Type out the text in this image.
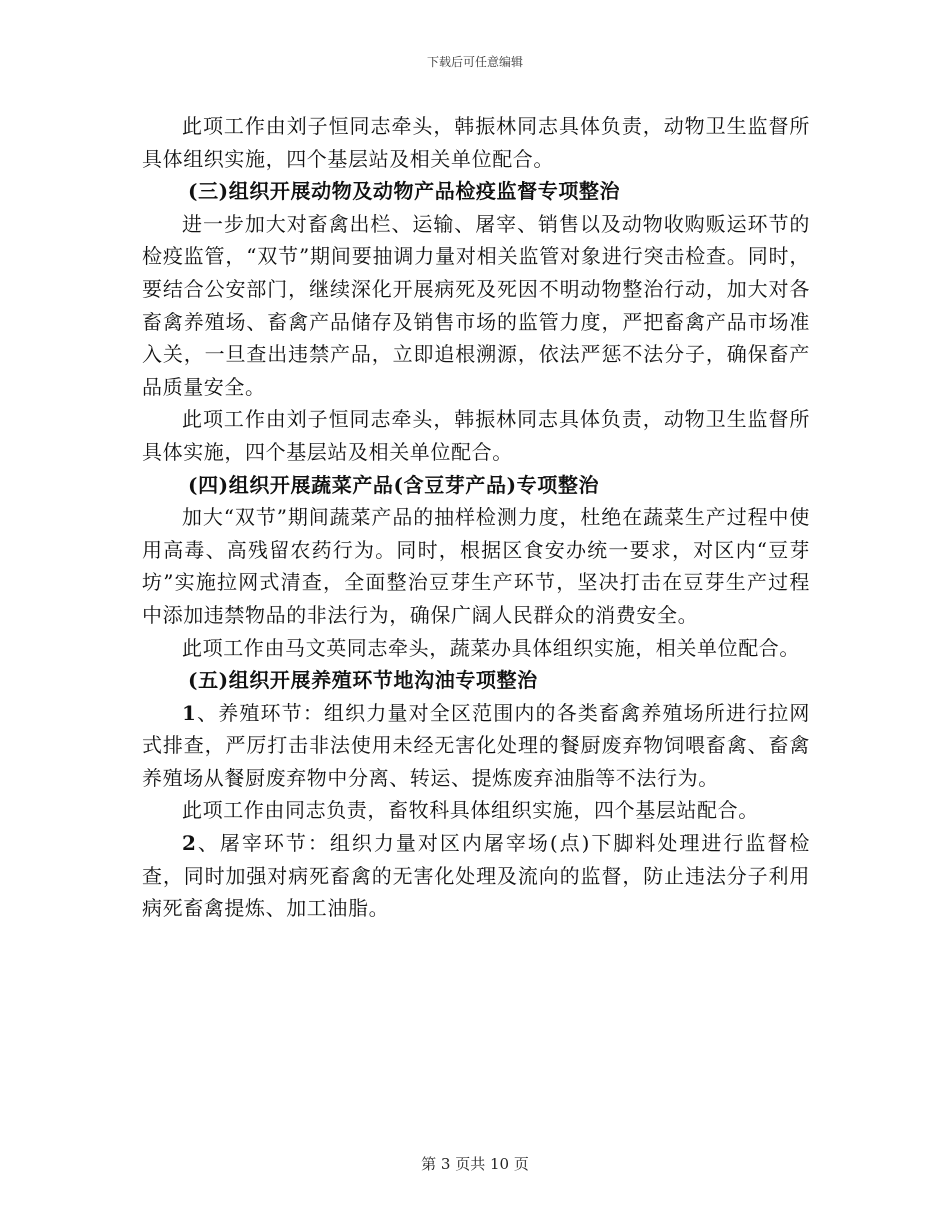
下载后可任意编辑

此项工作由刘子恒同志牵头，韩振林同志具体负责，动物卫生监督所具体组织实施，四个基层站及相关单位配合。

(三)组织开展动物及动物产品检疫监督专项整治

进一步加大对畜禽出栏、运输、屠宰、销售以及动物收购贩运环节的检疫监管，“双节”期间要抽调力量对相关监管对象进行突击检查。同时，要结合公安部门，继续深化开展病死及死因不明动物整治行动，加大对各畜禽养殖场、畜禽产品储存及销售市场的监管力度，严把畜禽产品市场准入关，一旦查出违禁产品，立即追根溯源，依法严惩不法分子，确保畜产品质量安全。

此项工作由刘子恒同志牵头，韩振林同志具体负责，动物卫生监督所具体实施，四个基层站及相关单位配合。

(四)组织开展蔬菜产品(含豆芽产品)专项整治

加大“双节”期间蔬菜产品的抽样检测力度，杜绝在蔬菜生产过程中使用高毒、高残留农药行为。同时，根据区食安办统一要求，对区内“豆芽坊”实施拉网式清查，全面整治豆芽生产环节，坚决打击在豆芽生产过程中添加违禁物品的非法行为，确保广阔人民群众的消费安全。

此项工作由马文英同志牵头，蔬菜办具体组织实施，相关单位配合。

(五)组织开展养殖环节地沟油专项整治

1、养殖环节：组织力量对全区范围内的各类畜禽养殖场所进行拉网式排查，严厉打击非法使用未经无害化处理的餐厨废弃物饲喂畜禽、畜禽养殖场从餐厨废弃物中分离、转运、提炼废弃油脂等不法行为。

此项工作由同志负责，畜牧科具体组织实施，四个基层站配合。

2、屠宰环节：组织力量对区内屠宰场(点)下脚料处理进行监督检查，同时加强对病死畜禽的无害化处理及流向的监督，防止违法分子利用病死畜禽提炼、加工油脂。

第 3 页共 10 页
